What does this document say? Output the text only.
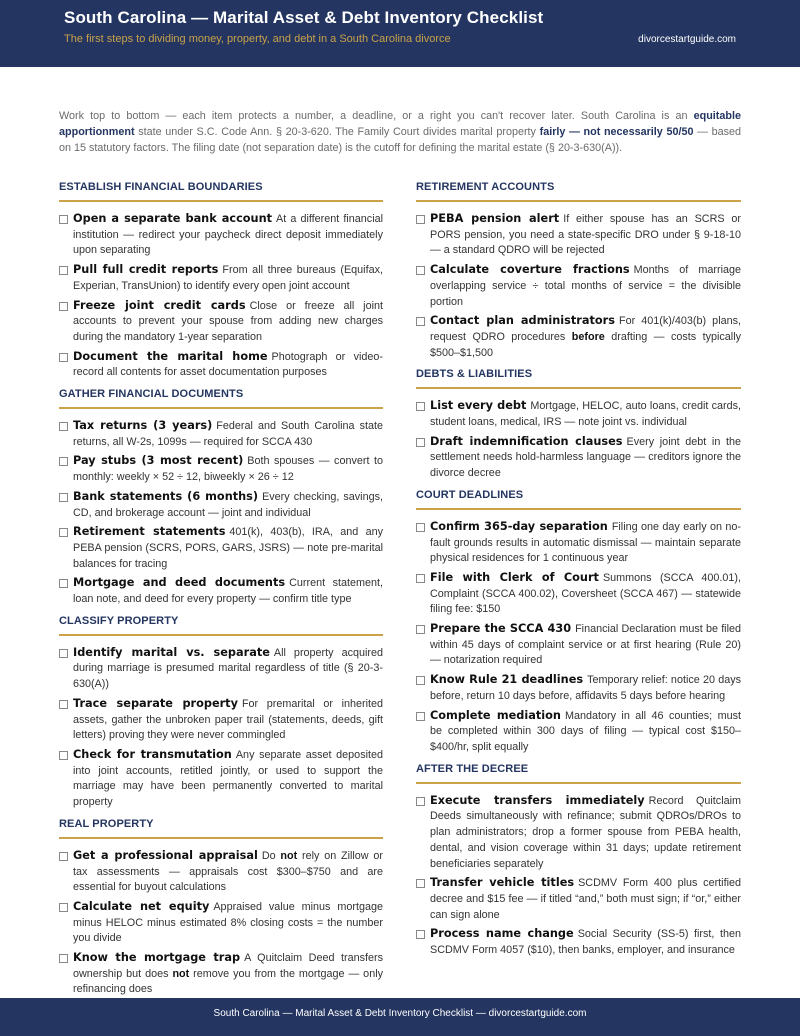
South Carolina — Marital Asset & Debt Inventory Checklist
The first steps to dividing money, property, and debt in a South Carolina divorce	divorcestartguide.com
Work top to bottom — each item protects a number, a deadline, or a right you can't recover later. South Carolina is an equitable apportionment state under S.C. Code Ann. § 20-3-620. The Family Court divides marital property fairly — not necessarily 50/50 — based on 15 statutory factors. The filing date (not separation date) is the cutoff for defining the marital estate (§ 20-3-630(A)).
ESTABLISH FINANCIAL BOUNDARIES
Open a separate bank account At a different financial institution — redirect your paycheck direct deposit immediately upon separating
Pull full credit reports From all three bureaus (Equifax, Experian, TransUnion) to identify every open joint account
Freeze joint credit cards Close or freeze all joint accounts to prevent your spouse from adding new charges during the mandatory 1-year separation
Document the marital home Photograph or video-record all contents for asset documentation purposes
GATHER FINANCIAL DOCUMENTS
Tax returns (3 years) Federal and South Carolina state returns, all W-2s, 1099s — required for SCCA 430
Pay stubs (3 most recent) Both spouses — convert to monthly: weekly × 52 ÷ 12, biweekly × 26 ÷ 12
Bank statements (6 months) Every checking, savings, CD, and brokerage account — joint and individual
Retirement statements 401(k), 403(b), IRA, and any PEBA pension (SCRS, PORS, GARS, JSRS) — note pre-marital balances for tracing
Mortgage and deed documents Current statement, loan note, and deed for every property — confirm title type
CLASSIFY PROPERTY
Identify marital vs. separate All property acquired during marriage is presumed marital regardless of title (§ 20-3-630(A))
Trace separate property For premarital or inherited assets, gather the unbroken paper trail (statements, deeds, gift letters) proving they were never commingled
Check for transmutation Any separate asset deposited into joint accounts, retitled jointly, or used to support the marriage may have been permanently converted to marital property
REAL PROPERTY
Get a professional appraisal Do not rely on Zillow or tax assessments — appraisals cost $300–$750 and are essential for buyout calculations
Calculate net equity Appraised value minus mortgage minus HELOC minus estimated 8% closing costs = the number you divide
Know the mortgage trap A Quitclaim Deed transfers ownership but does not remove you from the mortgage — only refinancing does
RETIREMENT ACCOUNTS
PEBA pension alert If either spouse has an SCRS or PORS pension, you need a state-specific DRO under § 9-18-10 — a standard QDRO will be rejected
Calculate coverture fractions Months of marriage overlapping service ÷ total months of service = the divisible portion
Contact plan administrators For 401(k)/403(b) plans, request QDRO procedures before drafting — costs typically $500–$1,500
DEBTS & LIABILITIES
List every debt Mortgage, HELOC, auto loans, credit cards, student loans, medical, IRS — note joint vs. individual
Draft indemnification clauses Every joint debt in the settlement needs hold-harmless language — creditors ignore the divorce decree
COURT DEADLINES
Confirm 365-day separation Filing one day early on no-fault grounds results in automatic dismissal — maintain separate physical residences for 1 continuous year
File with Clerk of Court Summons (SCCA 400.01), Complaint (SCCA 400.02), Coversheet (SCCA 467) — statewide filing fee: $150
Prepare the SCCA 430 Financial Declaration must be filed within 45 days of complaint service or at first hearing (Rule 20) — notarization required
Know Rule 21 deadlines Temporary relief: notice 20 days before, return 10 days before, affidavits 5 days before hearing
Complete mediation Mandatory in all 46 counties; must be completed within 300 days of filing — typical cost $150–$400/hr, split equally
AFTER THE DECREE
Execute transfers immediately Record Quitclaim Deeds simultaneously with refinance; submit QDROs/DROs to plan administrators; drop a former spouse from PEBA health, dental, and vision coverage within 31 days; update retirement beneficiaries separately
Transfer vehicle titles SCDMV Form 400 plus certified decree and $15 fee — if titled “and,” both must sign; if “or,” either can sign alone
Process name change Social Security (SS-5) first, then SCDMV Form 4057 ($10), then banks, employer, and insurance
South Carolina — Marital Asset & Debt Inventory Checklist — divorcestartguide.com
